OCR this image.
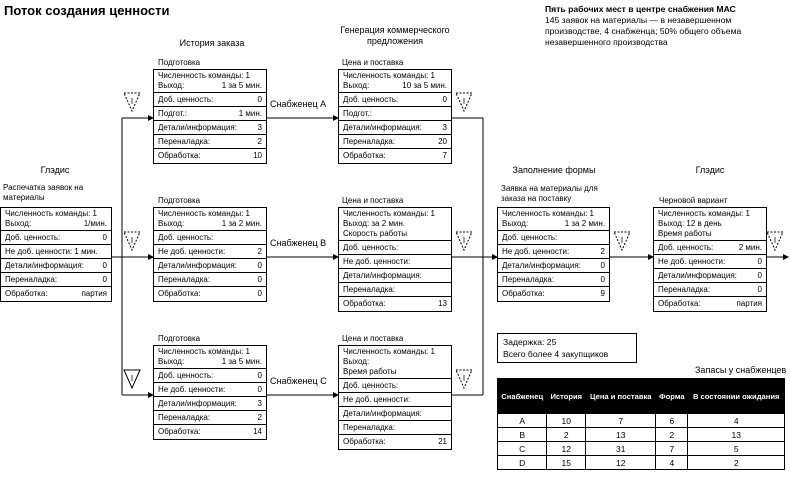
I
I
I
I
I
I
I	I
Поток создания ценности	Пять рабочих мест в центре снабжения МАС
145 заявок на материалы — в незавершенном производстве, 4 снабженца; 50% общего объема незавершенного производства
Глэдис
История заказа
Генерация коммерческого предложения
Заполнение формы	Глэдис
Снабженец A
Снабженец B
Снабженец C
Распечатка заявок на материалы
Подготовка
Подготовка
Подготовка
Цена и поставка
Цена и поставка
Цена и поставка
Заявка на материалы для заказа на поставку	Черновой вариант
Численность команды: 1
Выход:	1/мин.
Доб. ценность:	0
Не доб. ценности: 1 мин.
Детали/информация: 0
Переналадка:	0
Обработка:	партия
Численность команды: 1
Выход:	1 за 5 мин.
Доб. ценность:	0
Подгот.:	1 мин.
Детали/информация:	3
Переналадка:	2
Обработка:	10
Численность команды: 1
Выход:	1 за 2 мин.
Доб. ценность:
Не доб. ценности:	2
Детали/информация:	0
Переналадка:	0
Обработка:	0
Численность команды: 1
Выход:	1 за 5 мин.
Доб. ценность:	0
Не доб. ценности:	0
Детали/информация:	3
Переналадка:	2
Обработка:	14
Численность команды: 1
Выход:	10 за 5 мин.
Доб. ценность:	0
Подгот.:
Детали/информация:	3
Переналадка:	20
Обработка:	7
Численность команды: 1
Выход: за 2 мин.
Скорость работы
Доб. ценность:
Не доб. ценности:
Детали/информация:
Переналадка:
Обработка:	13
Численность команды: 1
Выход:
Время работы
Доб. ценность:
Не доб. ценности:
Детали/информация:
Переналадка:
Обработка:	21
Численность команды: 1
Выход:	1 за 2 мин.
Доб. ценность:
Не доб. ценности:	2
Детали/информация: 0
Переналадка:	0
Обработка:	9
Численность команды: 1
Выход: 12 в день
Время работы
Доб. ценность:	2 мин.
Не доб. ценности:	0
Детали/информация:	0
Переналадка:	0
Обработка:	партия
Задержка: 25
Всего более 4 закупщиков
Запасы у снабженцев
Снабженец	История	Цена и поставка	Форма	В состоянии ожидания
A	10	7	6	4
B	2	13	2	13
C	12	31	7	5
D	15	12	4	2
